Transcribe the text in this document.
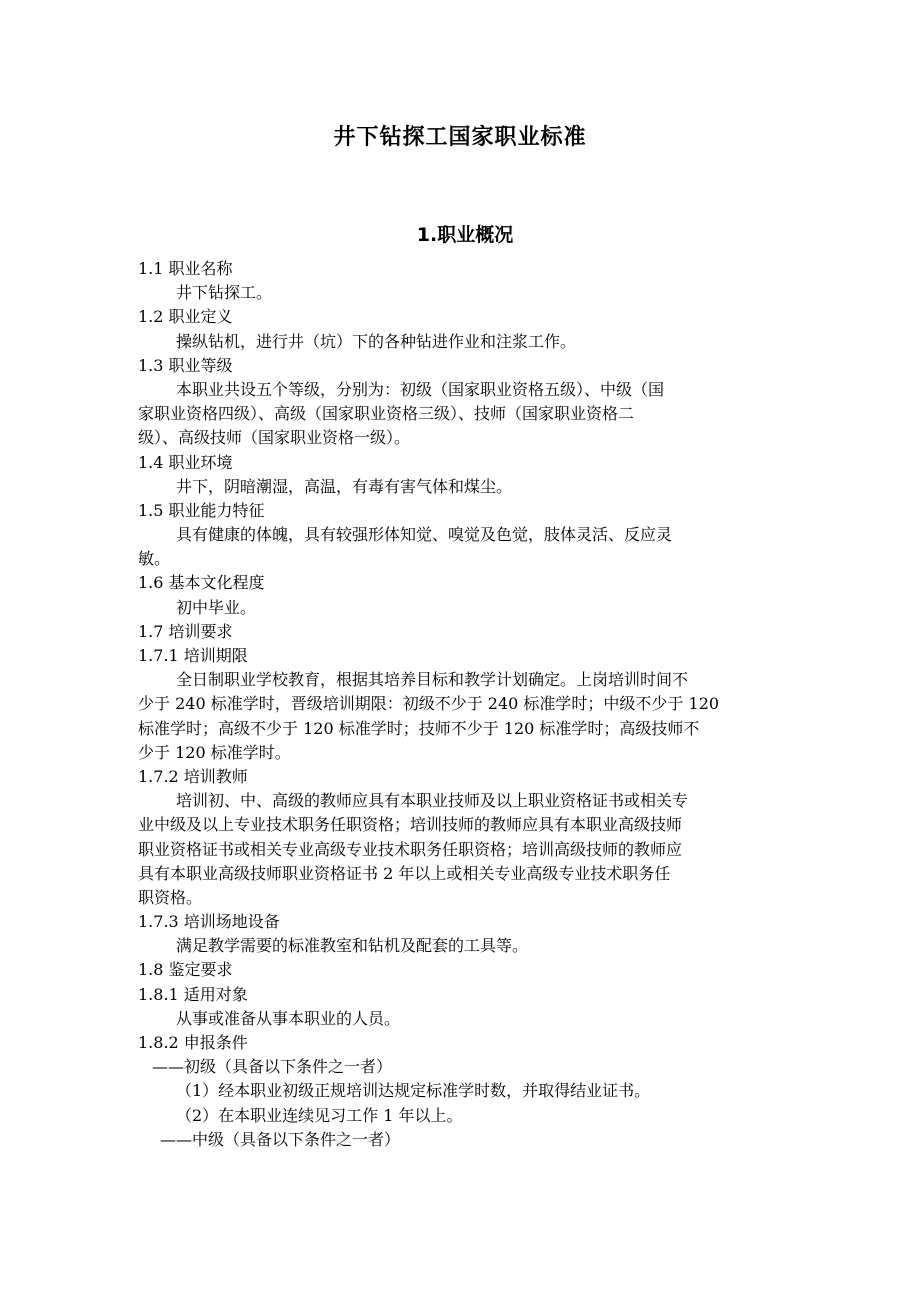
井下钻探工国家职业标准
1.职业概况
1.1 职业名称
井下钻探工。
1.2 职业定义
操纵钻机，进行井（坑）下的各种钻进作业和注浆工作。
1.3 职业等级
本职业共设五个等级，分别为：初级（国家职业资格五级）、中级（国
家职业资格四级）、高级（国家职业资格三级）、技师（国家职业资格二
级）、高级技师（国家职业资格一级）。
1.4 职业环境
井下，阴暗潮湿，高温，有毒有害气体和煤尘。
1.5 职业能力特征
具有健康的体魄，具有较强形体知觉、嗅觉及色觉，肢体灵活、反应灵
敏。
1.6 基本文化程度
初中毕业。
1.7 培训要求
1.7.1 培训期限
全日制职业学校教育，根据其培养目标和教学计划确定。上岗培训时间不
少于 240 标准学时，晋级培训期限：初级不少于 240 标准学时；中级不少于 120
标准学时；高级不少于 120 标准学时；技师不少于 120 标准学时；高级技师不
少于 120 标准学时。
1.7.2 培训教师
培训初、中、高级的教师应具有本职业技师及以上职业资格证书或相关专
业中级及以上专业技术职务任职资格；培训技师的教师应具有本职业高级技师
职业资格证书或相关专业高级专业技术职务任职资格；培训高级技师的教师应
具有本职业高级技师职业资格证书 2 年以上或相关专业高级专业技术职务任
职资格。
1.7.3 培训场地设备
满足教学需要的标准教室和钻机及配套的工具等。
1.8 鉴定要求
1.8.1 适用对象
从事或准备从事本职业的人员。
1.8.2 申报条件
——初级（具备以下条件之一者）
（1）经本职业初级正规培训达规定标准学时数，并取得结业证书。
（2）在本职业连续见习工作 1 年以上。
——中级（具备以下条件之一者）
